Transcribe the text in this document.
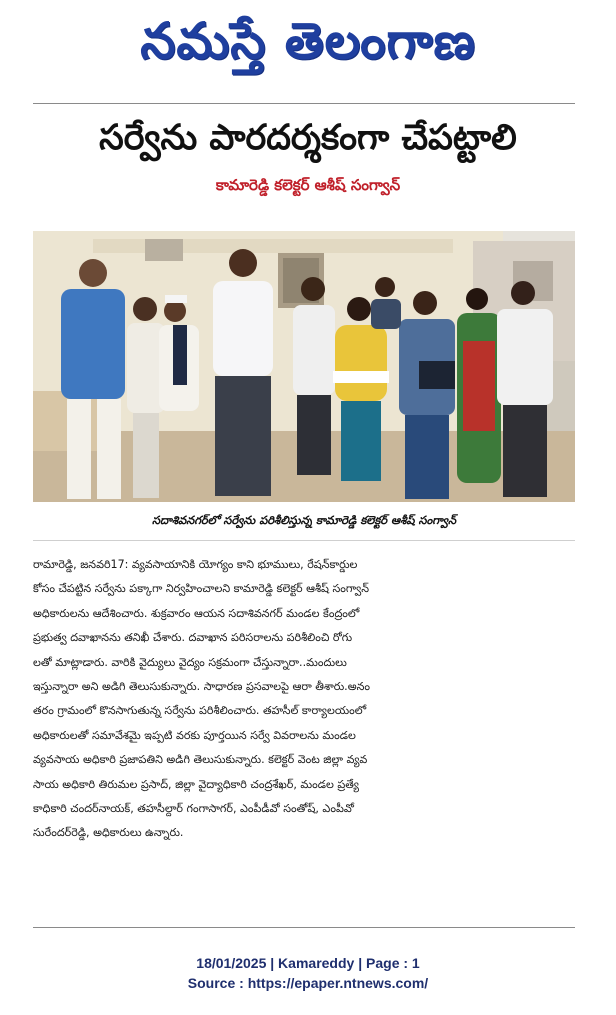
నమస్తే తెలంగాణ
సర్వేను పారదర్శకంగా చేపట్టాలి
కామారెడ్డి కలెక్టర్ ఆశీష్ సంగ్వాన్
సదాశివనగర్‌లో సర్వేను పరిశీలిస్తున్న కామారెడ్డి కలెక్టర్ ఆశీష్ సంగ్వాన్
రామారెడ్డి, జనవరి17: వ్యవసాయానికి యోగ్యం కాని భూములు, రేషన్‌కార్డుల
కోసం చేపట్టిన సర్వేను పక్కాగా నిర్వహించాలని కామారెడ్డి కలెక్టర్ ఆశీష్ సంగ్వాన్
అధికారులను ఆదేశించారు. శుక్రవారం ఆయన సదాశివనగర్ మండల కేంద్రంలో
ప్రభుత్వ దవాఖానను తనిఖీ చేశారు. దవాఖాన పరిసరాలను పరిశీలించి రోగు
లతో మాట్లాడారు. వారికి వైద్యులు వైద్యం సక్రమంగా చేస్తున్నారా..మందులు
ఇస్తున్నారా అని అడిగి తెలుసుకున్నారు. సాధారణ ప్రసవాలపై ఆరా తీశారు.అనం
తరం గ్రామంలో కొనసాగుతున్న సర్వేను పరిశీలించారు. తహసీల్ కార్యాలయంలో
అధికారులతో సమావేశమై ఇప్పటి వరకు పూర్తయిన సర్వే వివరాలను మండల
వ్యవసాయ అధికారి ప్రజాపతిని అడిగి తెలుసుకున్నారు. కలెక్టర్ వెంట జిల్లా వ్యవ
సాయ అధికారి తిరుమల ప్రసాద్, జిల్లా వైద్యాధికారి చంద్రశేఖర్, మండల ప్రత్యే
కాధికారి చందర్‌నాయక్, తహసీల్దార్ గంగాసాగర్, ఎంపీడీవో సంతోష్, ఎంపీవో
సురేందర్‌రెడ్డి, అధికారులు ఉన్నారు.
18/01/2025 | Kamareddy | Page : 1
Source : https://epaper.ntnews.com/
